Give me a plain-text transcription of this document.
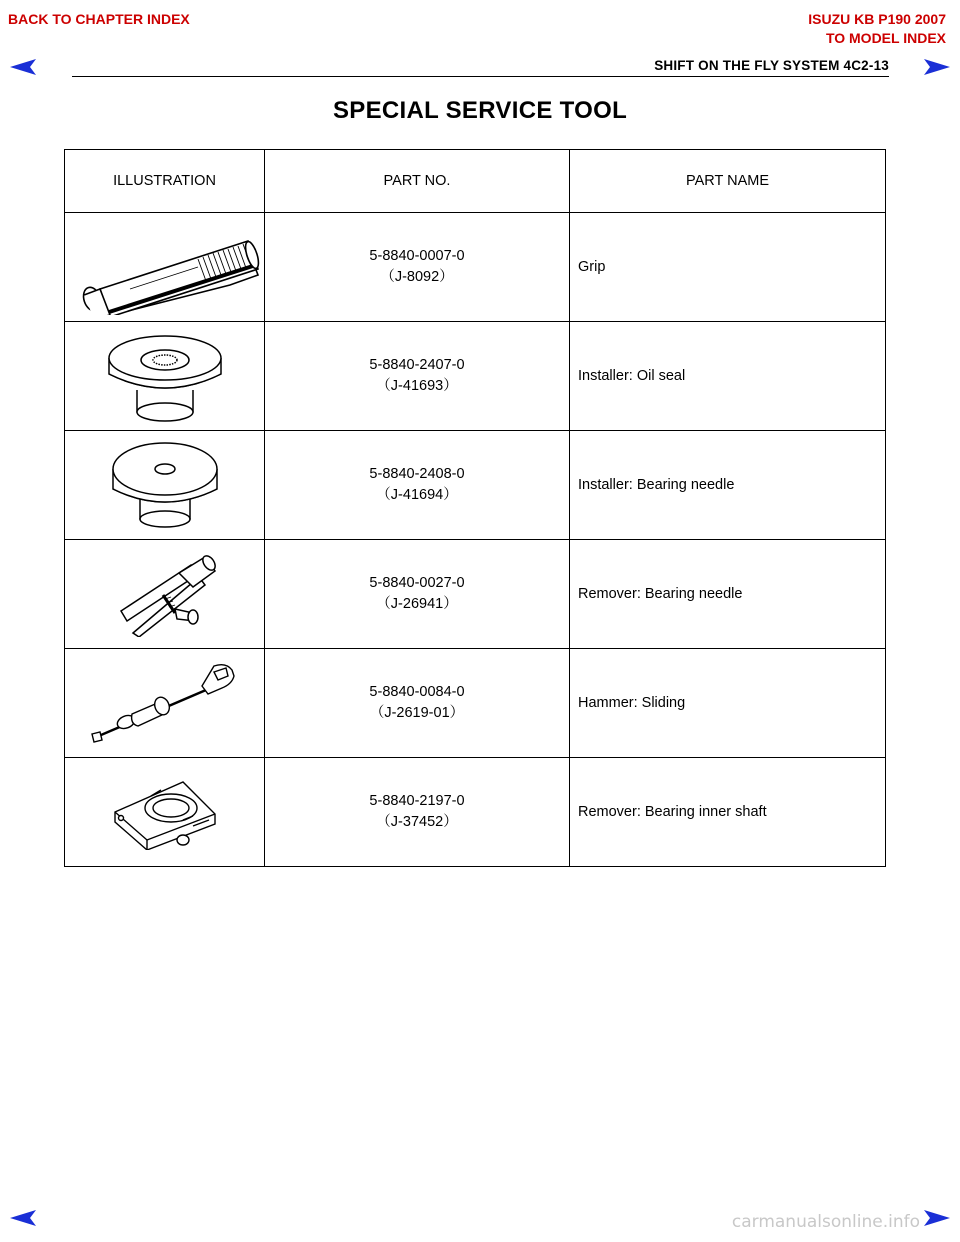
BACK TO CHAPTER INDEX	ISUZU KB P190 2007
TO MODEL INDEX
SHIFT ON THE FLY SYSTEM 4C2-13
SPECIAL SERVICE TOOL
ILLUSTRATION	PART NO.	PART NAME

5-8840-0007-0
（J-8092）	Grip

5-8840-2407-0
（J-41693）	Installer: Oil seal

5-8840-2408-0
（J-41694）	Installer: Bearing needle

5-8840-0027-0
（J-26941）	Remover: Bearing needle

5-8840-0084-0
（J-2619-01）	Hammer: Sliding

5-8840-2197-0
（J-37452）	Remover: Bearing inner shaft
carmanualsonline.info
